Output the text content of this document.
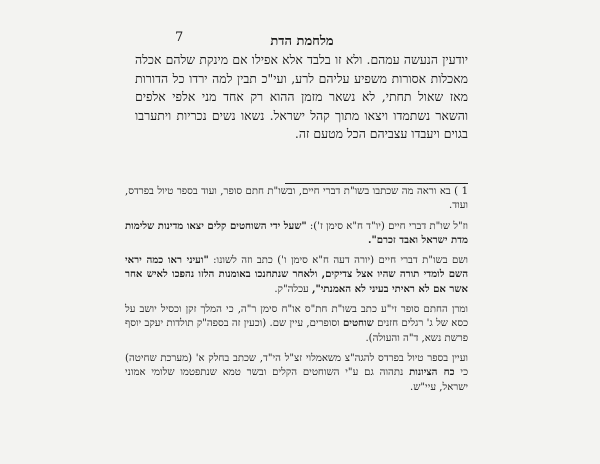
7	מלחמת הדת

יודעין הנעשה עמהם. ולא זו בלבד אלא אפילו אם מינקת שלהם אכלה מאכלות אסורות משפיע עליהם לרע, ועי"כ תבין למה ירדו כל הדורות מאז שאול תחתי, לא נשאר מזמן ההוא רק אחד מני אלפי אלפים והשאר נשתמדו ויצאו מתוך קהל ישראל. נשאו נשים נכריות ויתערבו בגוים ויעבדו עצביהם הכל מטעם זה.

1 ) בא וראה מה שכתבו בשו"ת דברי חיים, ובשו"ת חתם סופר, ועוד בספר טיול בפרדס, ועוד.

וז"ל שו"ת דברי חיים (יו"ד ח"א סימן ז'): "שעל ידי השוחטים קלים יצאו מדינות שלימות מדת ישראל ואבד זכרם".

ושם בשו"ת דברי חיים (יורה דעה ח"א סימן ו') כתב וזה לשונו: "ועיני ראו כמה יראי השם לומדי תורה שהיו אצל צדיקים, ולאחר שנתחנכו באומנות הלזו נהפכו לאיש אחר אשר אם לא ראיתי בעיני לא האמנתי", עכלה"ק.

ומרן החתם סופר זי"ע כתב בשו"ת חת"ס או"ח סימן ר"ה, כי המלך זקן וכסיל יושב על כסא של ג' רגלים חזנים שוחטים וסופרים, עיין שם. (וכעין זה בספה"ק תולדות יעקב יוסף פרשת נשא, ד"ה והעולה).

ועיין בספר טיול בפרדס להגה"צ משאמלוי זצ"ל הי"ד, שכתב בחלק א' (מערכת שחיטה) כי כח הציונות נתהוה גם ע"י השוחטים הקלים ובשר טמא שנתפטמו שלומי אמוני ישראל, עיי"ש.
